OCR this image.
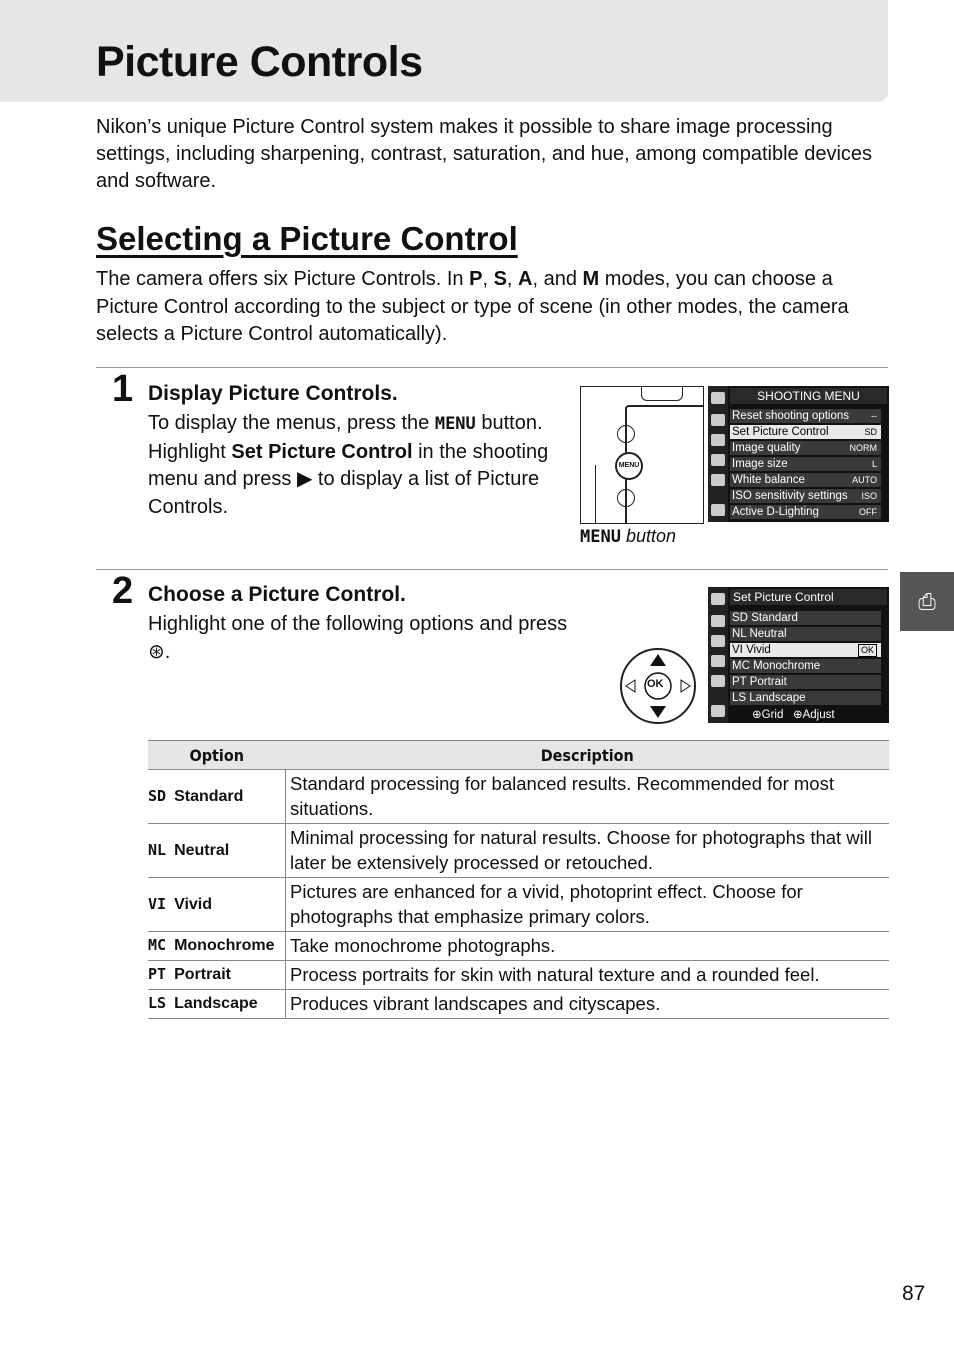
Picture Controls

Nikon’s unique Picture Control system makes it possible to share image processing settings, including sharpening, contrast, saturation, and hue, among compatible devices and software.

Selecting a Picture Control

The camera offers six Picture Controls. In P, S, A, and M modes, you can choose a Picture Control according to the subject or type of scene (in other modes, the camera selects a Picture Control automatically).

1 Display Picture Controls.

To display the menus, press the MENU button. Highlight Set Picture Control in the shooting menu and press ▶ to display a list of Picture Controls.

MENU
MENU button
SHOOTING MENU
Reset shooting options --
Set Picture Control	SD
Image quality	NORM
Image size	L
White balance	AUTO
ISO sensitivity settings ISO
Active D-Lighting	OFF
2 Choose a Picture Control.

Highlight one of the following options and press
⊛.

OK
Set Picture Control
SD Standard
NL Neutral
VI Vivid	OK
MC Monochrome
PT Portrait
LS Landscape
⊕Grid   ⊕Adjust
Option	Description
SD Standard	Standard processing for balanced results. Recommended for most situations.
NL Neutral	Minimal processing for natural results. Choose for photographs that will later be extensively processed or retouched.
VI Vivid	Pictures are enhanced for a vivid, photoprint effect. Choose for photographs that emphasize primary colors.
MC Monochrome	Take monochrome photographs.
PT Portrait	Process portraits for skin with natural texture and a rounded feel.
LS Landscape	Produces vibrant landscapes and cityscapes.
⎙
87
